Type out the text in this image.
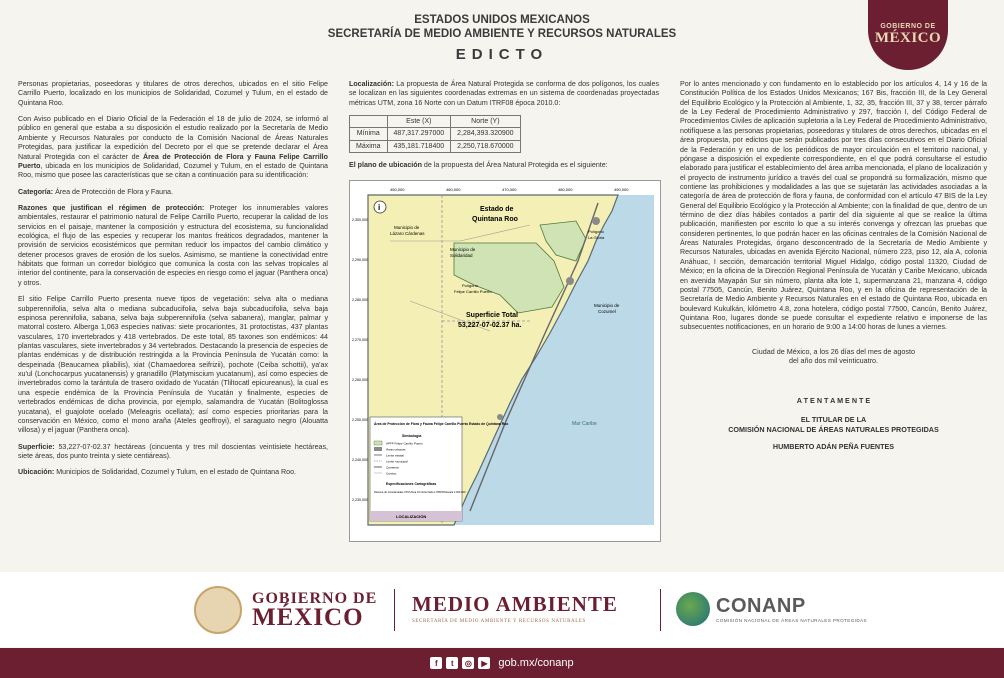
GOBIERNO DE
MÉXICO
ESTADOS UNIDOS MEXICANOS
SECRETARÍA DE MEDIO AMBIENTE Y RECURSOS NATURALES
EDICTO

Personas propietarias, poseedoras y titulares de otros derechos, ubicados en el sitio Felipe Carrillo Puerto, localizado en los municipios de Solidaridad, Cozumel y Tulum, en el estado de Quintana Roo.

Con Aviso publicado en el Diario Oficial de la Federación el 18 de julio de 2024, se informó al público en general que estaba a su disposición el estudio realizado por la Secretaría de Medio Ambiente y Recursos Naturales por conducto de la Comisión Nacional de Áreas Naturales Protegidas, para justificar la expedición del Decreto por el que se pretende declarar el Área Natural Protegida con el carácter de Área de Protección de Flora y Fauna Felipe Carrillo Puerto, ubicada en los municipios de Solidaridad, Cozumel y Tulum, en el estado de Quintana Roo, mismo que posee las características que se citan a continuación para su identificación:

Categoría: Área de Protección de Flora y Fauna.

Razones que justifican el régimen de protección: Proteger los innumerables valores ambientales, restaurar el patrimonio natural de Felipe Carrillo Puerto, recuperar la calidad de los servicios en el paisaje, mantener la composición y estructura del ecosistema, su funcionalidad ecológica, el flujo de las especies y recuperar los mantos freáticos degradados, mantener la provisión de servicios ecosistémicos que permitan reducir los impactos del cambio climático y detener procesos graves de erosión de los suelos. Asimismo, se mantiene la conectividad entre hábitats que forman un corredor biológico que comunica la costa con las selvas tropicales al interior del continente, para la conservación de especies en riesgo como el jaguar (Panthera onca) y otros.

El sitio Felipe Carrillo Puerto presenta nueve tipos de vegetación: selva alta o mediana subperennifolia, selva alta o mediana subcaducifolia, selva baja subcaducifolia, selva baja espinosa perennifolia, sabana, selva baja subperennifolia (selva sabanera), manglar, palmar y matorral costero. Alberga 1,063 especies nativas: siete procariontes, 31 protoctistas, 437 plantas vasculares, 170 invertebrados y 418 vertebrados. De este total, 85 taxones son endémicos: 44 plantas vasculares, siete invertebrados y 34 vertebrados. Destacando la presencia de especies de plantas endémicas y de distribución restringida a la Provincia Península de Yucatán como: la despeinada (Beaucarnea pliabilis), xiat (Chamaedorea seifrizii), pochote (Ceiba schottii), ya'ax xu'ul (Lonchocarpus yucatanensis) y granadillo (Platymiscium yucatanum), así como especies de invertebrados como la tarántula de trasero oxidado de Yucatán (Tliltocatl epicureanus), la cual es una especie endémica de la Provincia Península de Yucatán y finalmente, especies de vertebrados endémicas de dicha provincia, por ejemplo, salamandra de Yucatán (Bolitoglossa yucatana), el guajolote ocelado (Meleagris ocellata); así como especies prioritarias para la conservación en México, como el mono araña (Ateles geoffroyi), el saraguato negro (Alouatta villosa) y el jaguar (Panthera onca).

Superficie: 53,227-07-02.37 hectáreas (cincuenta y tres mil doscientas veintisiete hectáreas, siete áreas, dos punto treinta y siete centiáreas).

Ubicación: Municipios de Solidaridad, Cozumel y Tulum, en el estado de Quintana Roo.

Localización: La propuesta de Área Natural Protegida se conforma de dos polígonos, los cuales se localizan en las siguientes coordenadas extremas en un sistema de coordenadas proyectadas métricas UTM, zona 16 Norte con un Datum ITRF08 época 2010.0:

	Este (X)	Norte (Y)
Mínima	487,317.297000	2,284,393.320900
Máxima	435,181.718400	2,250,718.670000

El plano de ubicación de la propuesta del Área Natural Protegida es el siguiente:

450,000	460,000	470,000	480,000	490,000
2,300,000
2,290,000
2,280,000
2,270,000
2,260,000
2,250,000
2,240,000
2,230,000
i	Estado de
Quintana Roo
Municipio de
Lázaro Cárdenas
Municipio de
Solidaridad
Municipio de
Cozumel
Polígono
Felipe Carrillo Puerto
Polígono
La Gloria
Superficie Total
53,227-07-02.37 ha.
Mar Caribe
Área de Protección de Flora y Fauna Felipe Carrillo Puerto Estado de Quintana Roo
Simbología
APFF Felipe Carrillo Puerto
Áreas urbanas
Límite estatal
Límite municipal
Carretera
Camino
Especificaciones Cartográficas
Sistema de Coordenadas UTM Zona 16 Norte Datum ITRF08 Escala 1:300,000
LOCALIZACIÓN

Por lo antes mencionado y con fundamento en lo establecido por los artículos 4, 14 y 16 de la Constitución Política de los Estados Unidos Mexicanos; 167 Bis, fracción III, de la Ley General del Equilibrio Ecológico y la Protección al Ambiente, 1, 32, 35, fracción III, 37 y 38, tercer párrafo de la Ley Federal de Procedimiento Administrativo y 297, fracción I, del Código Federal de Procedimientos Civiles de aplicación supletoria a la Ley Federal de Procedimiento Administrativo, notifíquese a las personas propietarias, poseedoras y titulares de otros derechos, ubicadas en el área propuesta, por edictos que serán publicados por tres días consecutivos en el Diario Oficial de la Federación y en uno de los periódicos de mayor circulación en el territorio nacional, y póngase a disposición el expediente correspondiente, en el que podrá consultarse el estudio elaborado para justificar el establecimiento del área arriba mencionada, el plano de localización y el proyecto de instrumento jurídico a través del cual se propondrá su formalización, mismo que contiene las prohibiciones y modalidades a las que se sujetarán las actividades asociadas a la categoría de área de protección de flora y fauna, de conformidad con el artículo 47 BIS de la Ley General del Equilibrio Ecológico y la Protección al Ambiente; con la finalidad de que, dentro de un término de diez días hábiles contados a partir del día siguiente al que se realice la última publicación, manifiesten por escrito lo que a su interés convenga y ofrezcan las pruebas que consideren pertinentes, lo que podrán hacer en las oficinas centrales de la Comisión Nacional de Áreas Naturales Protegidas, órgano desconcentrado de la Secretaría de Medio Ambiente y Recursos Naturales, ubicadas en avenida Ejército Nacional, número 223, piso 12, ala A, colonia Anáhuac, I sección, demarcación territorial Miguel Hidalgo, código postal 11320, Ciudad de México; en la oficina de la Dirección Regional Península de Yucatán y Caribe Mexicano, ubicada en avenida Mayapán Sur sin número, planta alta lote 1, supermanzana 21, manzana 4, código postal 77505, Cancún, Benito Juárez, Quintana Roo, y en la oficina de representación de la Secretaría de Medio Ambiente y Recursos Naturales en el estado de Quintana Roo, ubicada en boulevard Kukulkán, kilómetro 4.8, zona hotelera, código postal 77500, Cancún, Benito Juárez, Quintana Roo, lugares donde se puede consultar el expediente relativo e imponerse de las subsecuentes notificaciones, en un horario de 9:00 a 14:00 horas de lunes a viernes.

Ciudad de México, a los 26 días del mes de agosto
del año dos mil veinticuatro.
A T E N T A M E N T E
EL TITULAR DE LA
COMISIÓN NACIONAL DE ÁREAS NATURALES PROTEGIDAS
HUMBERTO ADÁN PEÑA FUENTES
GOBIERNO DE
MÉXICO	MEDIO AMBIENTE
SECRETARÍA DE MEDIO AMBIENTE Y RECURSOS NATURALES
CONANP
COMISIÓN NACIONAL DE ÁREAS NATURALES PROTEGIDAS
f	t	◎	▶ gob.mx/conanp
